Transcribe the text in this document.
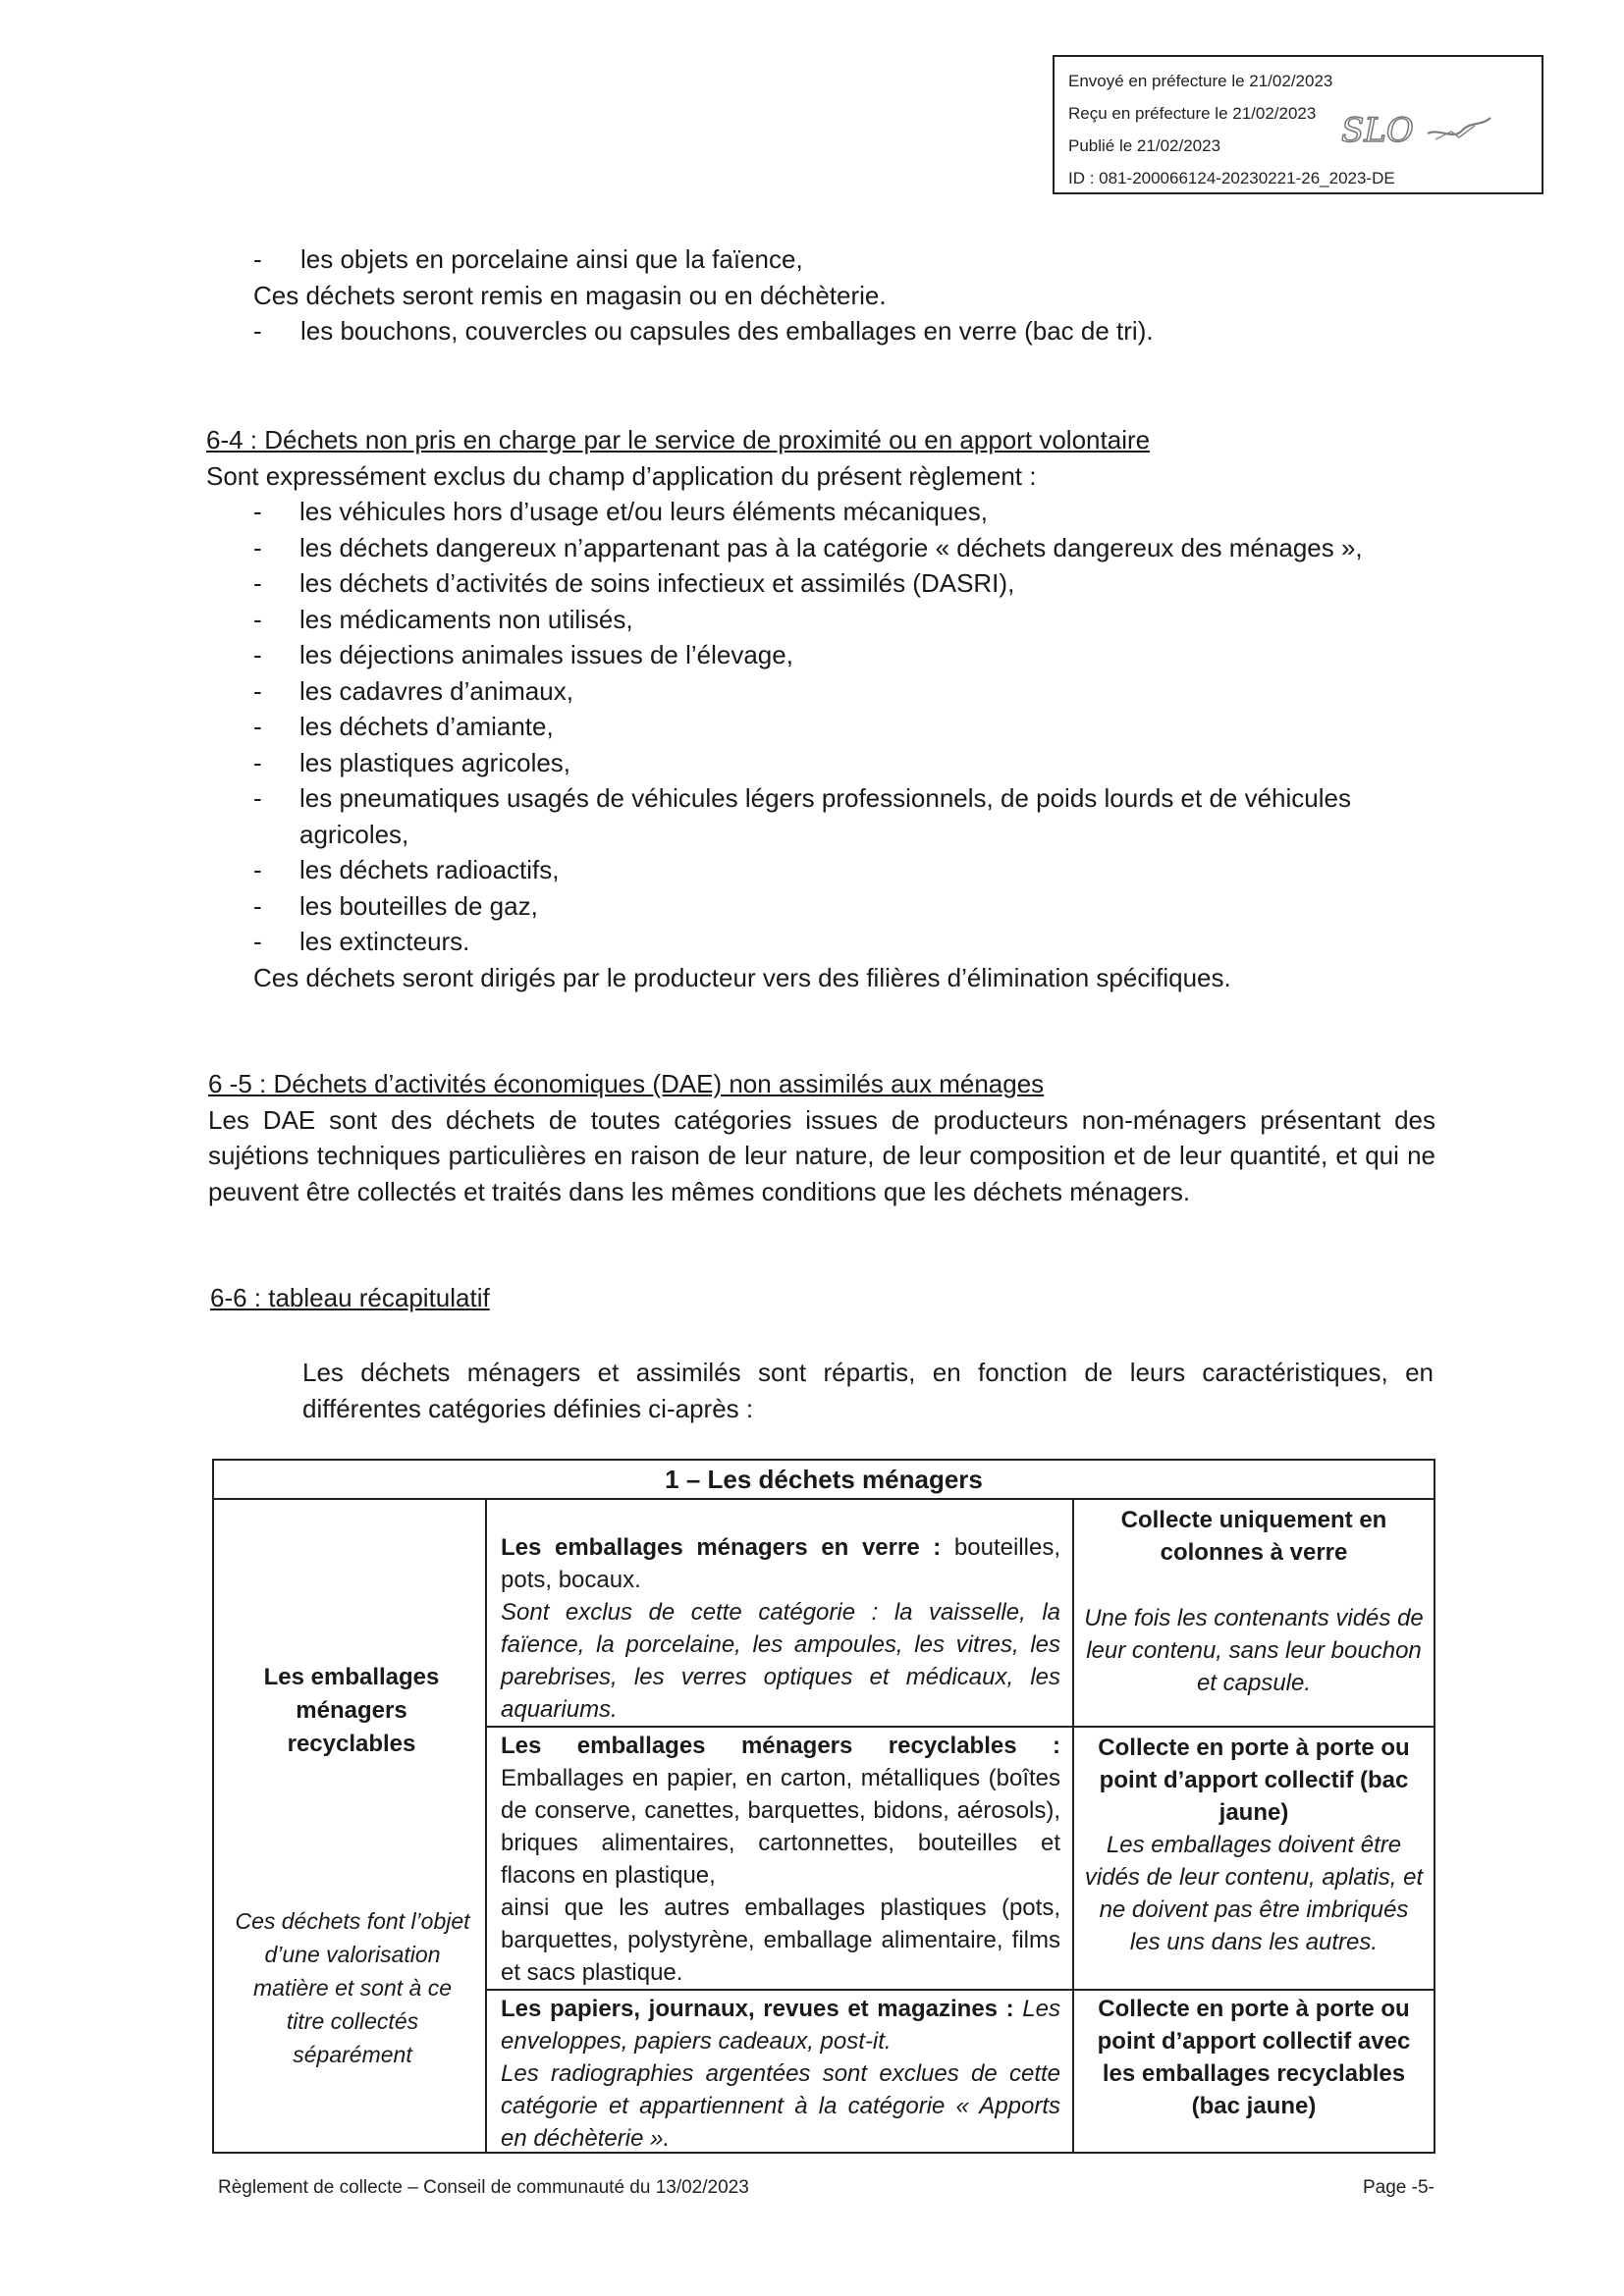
Envoyé en préfecture le 21/02/2023
Reçu en préfecture le 21/02/2023
Publié le 21/02/2023
ID : 081-200066124-20230221-26_2023-DE
SLO
- les objets en porcelaine ainsi que la faïence,
Ces déchets seront remis en magasin ou en déchèterie.
- les bouchons, couvercles ou capsules des emballages en verre (bac de tri).
6-4 : Déchets non pris en charge par le service de proximité ou en apport volontaire
Sont expressément exclus du champ d’application du présent règlement :
- les véhicules hors d’usage et/ou leurs éléments mécaniques,
- les déchets dangereux n’appartenant pas à la catégorie « déchets dangereux des ménages »,
- les déchets d’activités de soins infectieux et assimilés (DASRI),
- les médicaments non utilisés,
- les déjections animales issues de l’élevage,
- les cadavres d’animaux,
- les déchets d’amiante,
- les plastiques agricoles,
- les pneumatiques usagés de véhicules légers professionnels, de poids lourds et de véhicules agricoles,
- les déchets radioactifs,
- les bouteilles de gaz,
- les extincteurs.
Ces déchets seront dirigés par le producteur vers des filières d’élimination spécifiques.
6 -5 : Déchets d’activités économiques (DAE) non assimilés aux ménages
Les DAE sont des déchets de toutes catégories issues de producteurs non-ménagers présentant des sujétions techniques particulières en raison de leur nature, de leur composition et de leur quantité, et qui ne peuvent être collectés et traités dans les mêmes conditions que les déchets ménagers.
6-6 : tableau récapitulatif
Les déchets ménagers et assimilés sont répartis, en fonction de leurs caractéristiques, en différentes catégories définies ci-après :
1 – Les déchets ménagers
Les emballages ménagers recyclables
Ces déchets font l’objet d’une valorisation matière et sont à ce titre collectés séparément
Les emballages ménagers en verre : bouteilles, pots, bocaux.
Sont exclus de cette catégorie : la vaisselle, la faïence, la porcelaine, les ampoules, les vitres, les parebrises, les verres optiques et médicaux, les aquariums.
Collecte uniquement en colonnes à verre
Une fois les contenants vidés de leur contenu, sans leur bouchon et capsule.
Les emballages ménagers recyclables :
Emballages en papier, en carton, métalliques (boîtes de conserve, canettes, barquettes, bidons, aérosols), briques alimentaires, cartonnettes, bouteilles et flacons en plastique,
ainsi que les autres emballages plastiques (pots, barquettes, polystyrène, emballage alimentaire, films et sacs plastique.
Collecte en porte à porte ou point d’apport collectif (bac jaune)
Les emballages doivent être vidés de leur contenu, aplatis, et ne doivent pas être imbriqués les uns dans les autres.
Les papiers, journaux, revues et magazines : Les enveloppes, papiers cadeaux, post-it.
Les radiographies argentées sont exclues de cette catégorie et appartiennent à la catégorie « Apports en déchèterie ».
Collecte en porte à porte ou point d’apport collectif avec les emballages recyclables (bac jaune)
Règlement de collecte – Conseil de communauté du 13/02/2023	Page -5-
